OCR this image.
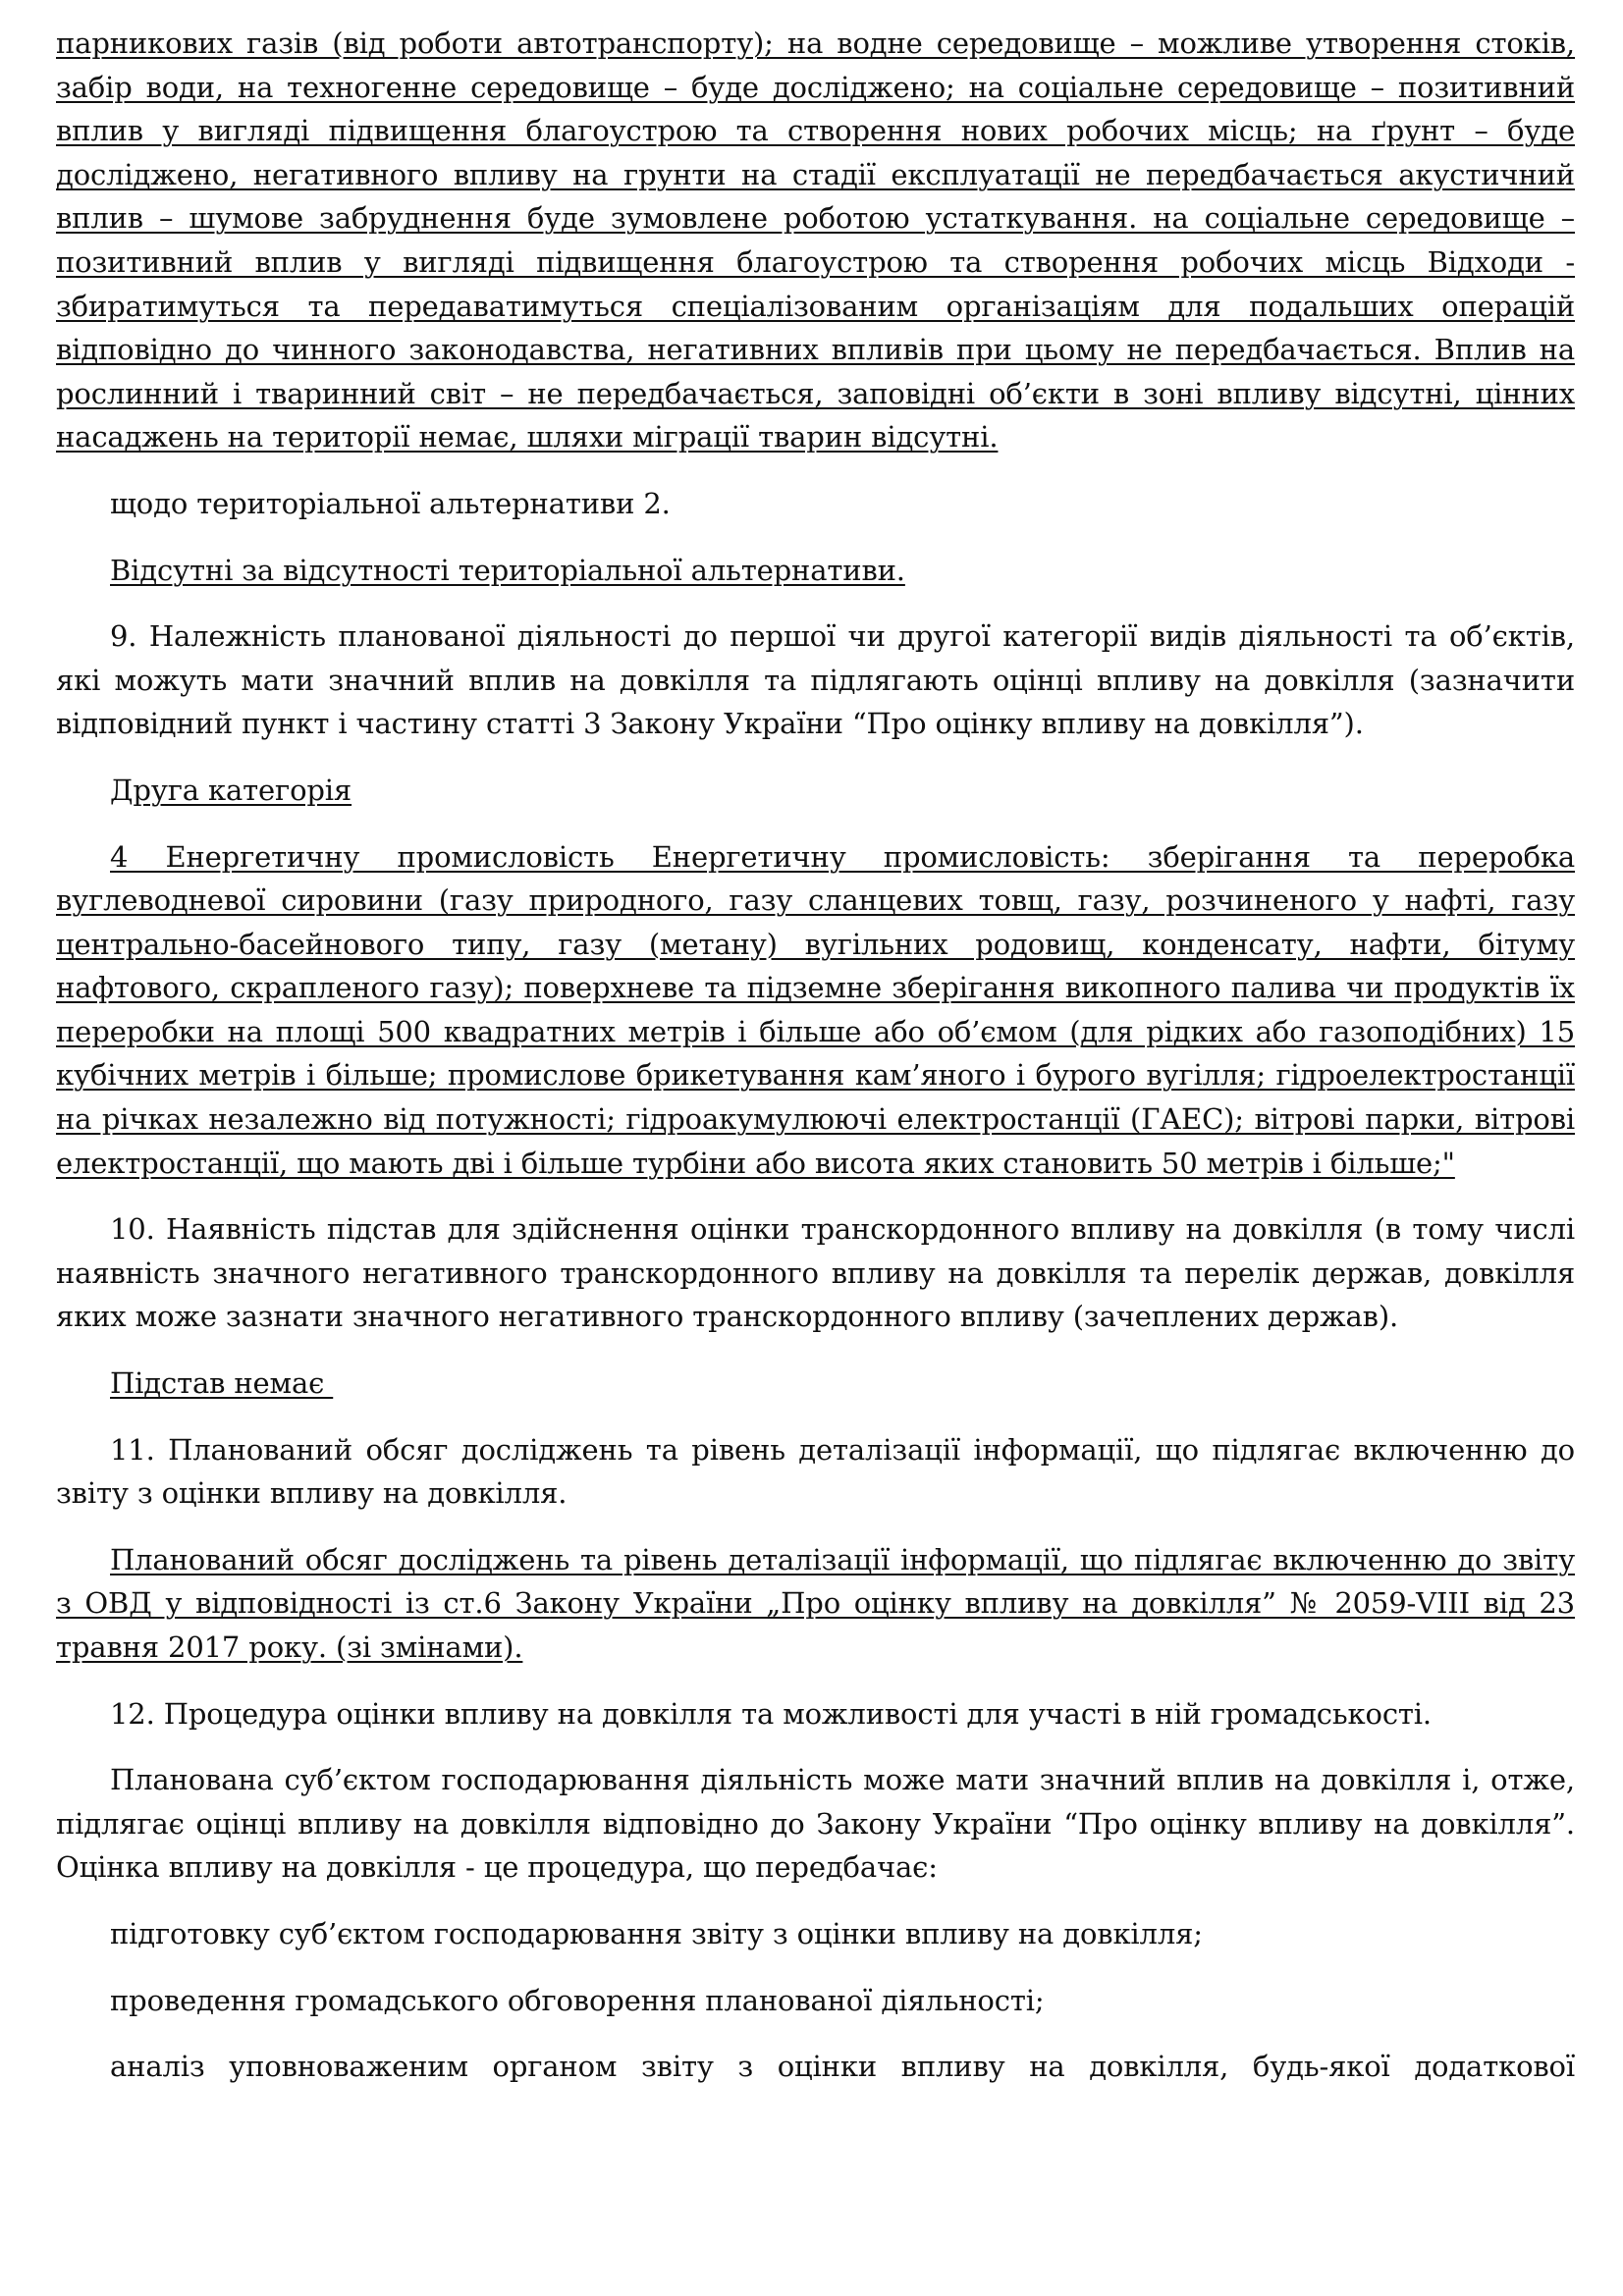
парникових газів (від роботи автотранспорту); на водне середовище – можливе утворення стоків, забір води, на техногенне середовище – буде досліджено; на соціальне середовище – позитивний вплив у вигляді підвищення благоустрою та створення нових робочих місць; на ґрунт – буде досліджено, негативного впливу на грунти на стадії експлуатації не передбачається акустичний вплив – шумове забруднення буде зумовлене роботою устаткування. на соціальне середовище – позитивний вплив у вигляді підвищення благоустрою та створення робочих місць Відходи - збиратимуться та передаватимуться спеціалізованим організаціям для подальших операцій відповідно до чинного законодавства, негативних впливів при цьому не передбачається. Вплив на рослинний і тваринний світ – не передбачається, заповідні об’єкти в зоні впливу відсутні, цінних насаджень на території немає, шляхи міграції тварин відсутні.

щодо територіальної альтернативи 2.

Відсутні за відсутності територіальної альтернативи.

9. Належність планованої діяльності до першої чи другої категорії видів діяльності та об’єктів, які можуть мати значний вплив на довкілля та підлягають оцінці впливу на довкілля (зазначити відповідний пункт і частину статті 3 Закону України “Про оцінку впливу на довкілля”).

Друга категорія

4 Енергетичну промисловість Енергетичну промисловість: зберігання та переробка вуглеводневої сировини (газу природного, газу сланцевих товщ, газу, розчиненого у нафті, газу центрально-басейнового типу, газу (метану) вугільних родовищ, конденсату, нафти, бітуму нафтового, скрапленого газу); поверхневе та підземне зберігання викопного палива чи продуктів їх переробки на площі 500 квадратних метрів і більше або об’ємом (для рідких або газоподібних) 15 кубічних метрів і більше; промислове брикетування кам’яного і бурого вугілля; гідроелектростанції на річках незалежно від потужності; гідроакумулюючі електростанції (ГАЕС); вітрові парки, вітрові електростанції, що мають дві і більше турбіни або висота яких становить 50 метрів і більше;"

10. Наявність підстав для здійснення оцінки транскордонного впливу на довкілля (в тому числі наявність значного негативного транскордонного впливу на довкілля та перелік держав, довкілля яких може зазнати значного негативного транскордонного впливу (зачеплених держав).

Підстав немає

11. Планований обсяг досліджень та рівень деталізації інформації, що підлягає включенню до звіту з оцінки впливу на довкілля.

Планований обсяг досліджень та рівень деталізації інформації, що підлягає включенню до звіту з ОВД у відповідності із ст.6 Закону України „Про оцінку впливу на довкілля” № 2059-VIII від 23 травня 2017 року. (зі змінами).

12. Процедура оцінки впливу на довкілля та можливості для участі в ній громадськості.

Планована суб’єктом господарювання діяльність може мати значний вплив на довкілля і, отже, підлягає оцінці впливу на довкілля відповідно до Закону України “Про оцінку впливу на довкілля”. Оцінка впливу на довкілля - це процедура, що передбачає:

підготовку суб’єктом господарювання звіту з оцінки впливу на довкілля;

проведення громадського обговорення планованої діяльності;

аналіз уповноваженим органом звіту з оцінки впливу на довкілля, будь-якої додаткової
